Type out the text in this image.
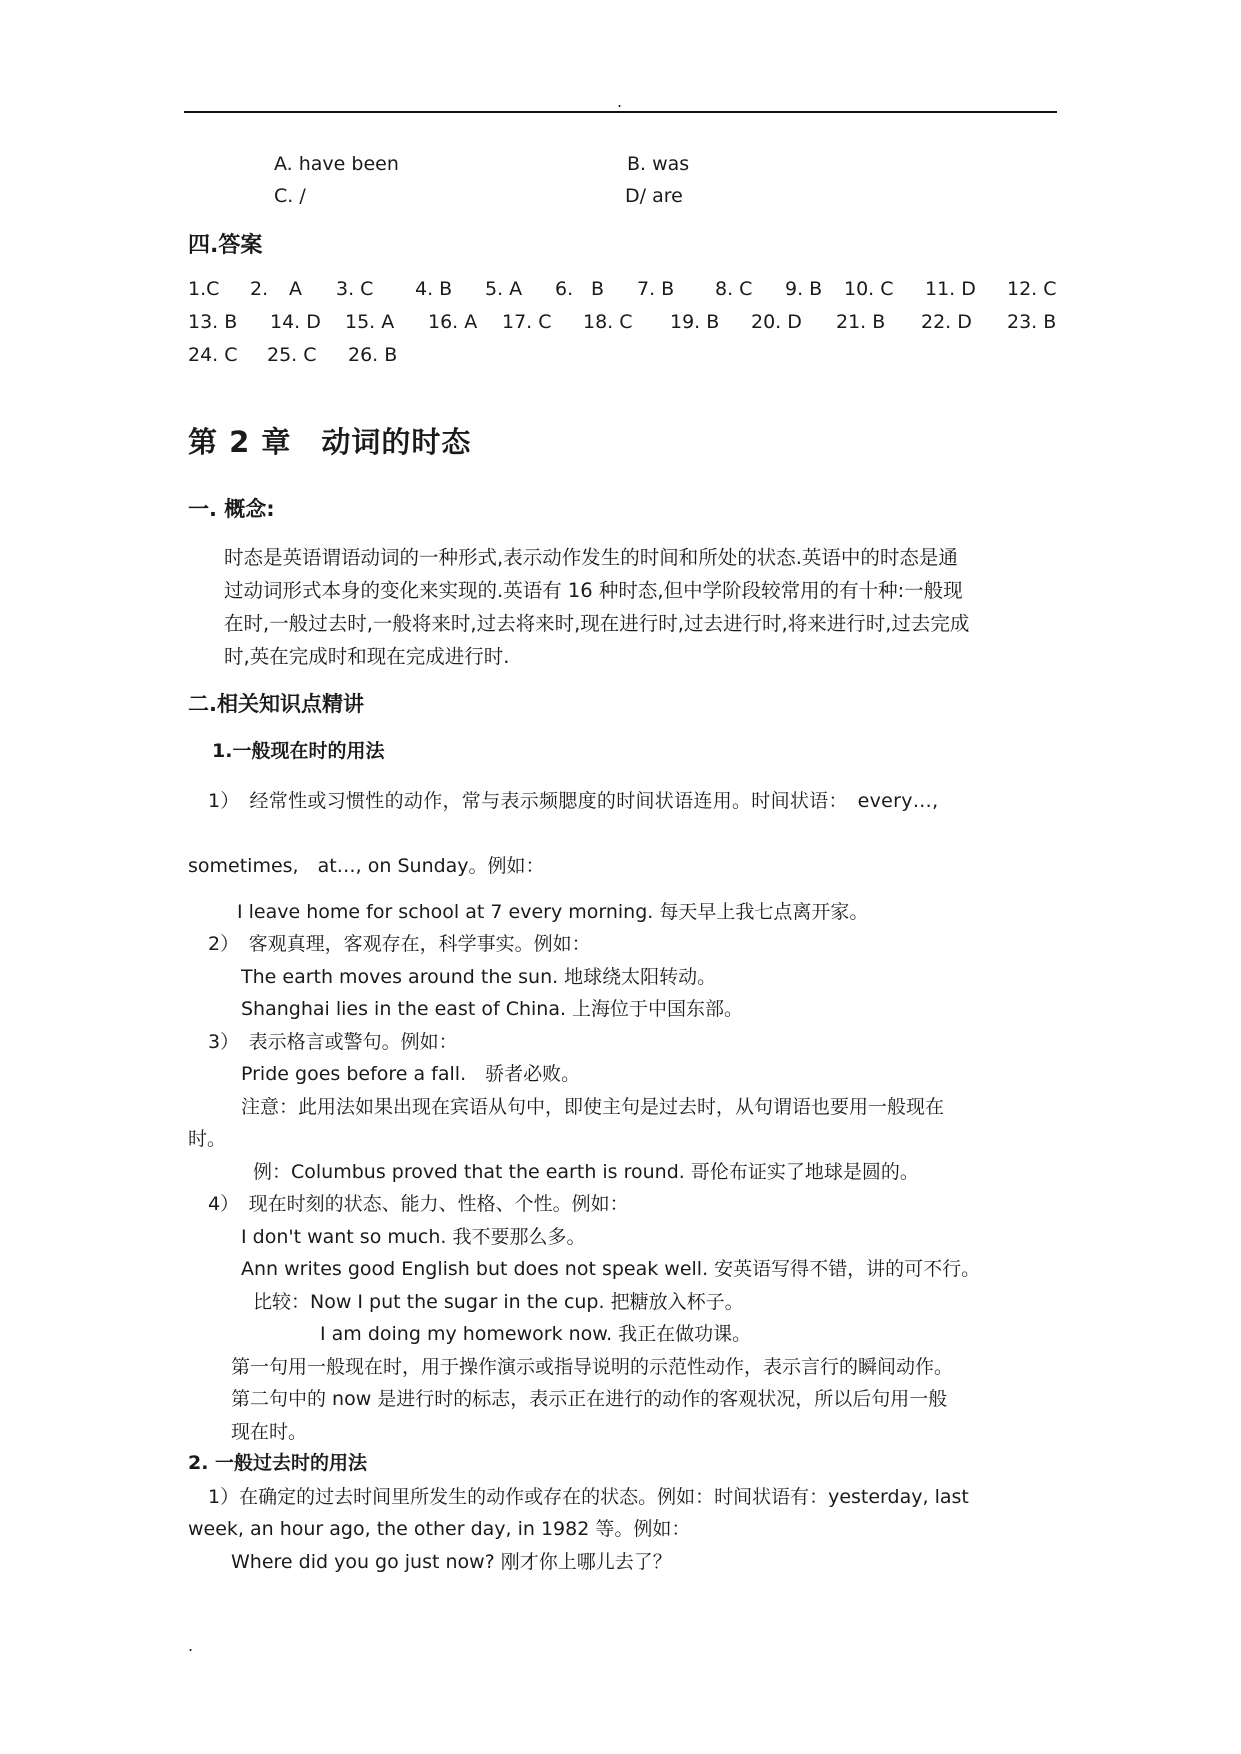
.
A. have been	B. was
C. /	D/ are
四.答案
1.C 2. A 3. C 4. B 5. A 6. B 7. B 8. C 9. B 10. C 11. D 12. C
13. B 14. D 15. A 16. A 17. C 18. C 19. B 20. D 21. B 22. D 23. B
24. C 25. C 26. B
第 2 章　动词的时态
一. 概念:
时态是英语谓语动词的一种形式,表示动作发生的时间和所处的状态.英语中的时态是通
过动词形式本身的变化来实现的.英语有 16 种时态,但中学阶段较常用的有十种:一般现
在时,一般过去时,一般将来时,过去将来时,现在进行时,过去进行时,将来进行时,过去完成
时,英在完成时和现在完成进行时.
二.相关知识点精讲
1.一般现在时的用法
1）　经常性或习惯性的动作，常与表示频腮度的时间状语连用。时间状语：　every…,
sometimes,　at…, on Sunday。例如：
I leave home for school at 7 every morning. 每天早上我七点离开家。
2）　客观真理，客观存在，科学事实。例如：
The earth moves around the sun. 地球绕太阳转动。
Shanghai lies in the east of China. 上海位于中国东部。
3）　表示格言或警句。例如：
Pride goes before a fall.　骄者必败。
注意：此用法如果出现在宾语从句中，即使主句是过去时，从句谓语也要用一般现在
时。
例：Columbus proved that the earth is round. 哥伦布证实了地球是圆的。
4）　现在时刻的状态、能力、性格、个性。例如：
I don't want so much. 我不要那么多。
Ann writes good English but does not speak well. 安英语写得不错，讲的可不行。
比较：Now I put the sugar in the cup. 把糖放入杯子。
I am doing my homework now. 我正在做功课。
第一句用一般现在时，用于操作演示或指导说明的示范性动作，表示言行的瞬间动作。
第二句中的 now 是进行时的标志，表示正在进行的动作的客观状况，所以后句用一般
现在时。
2. 一般过去时的用法
1）在确定的过去时间里所发生的动作或存在的状态。例如：时间状语有：yesterday, last
week, an hour ago, the other day, in 1982 等。例如：
Where did you go just now? 刚才你上哪儿去了？
.
